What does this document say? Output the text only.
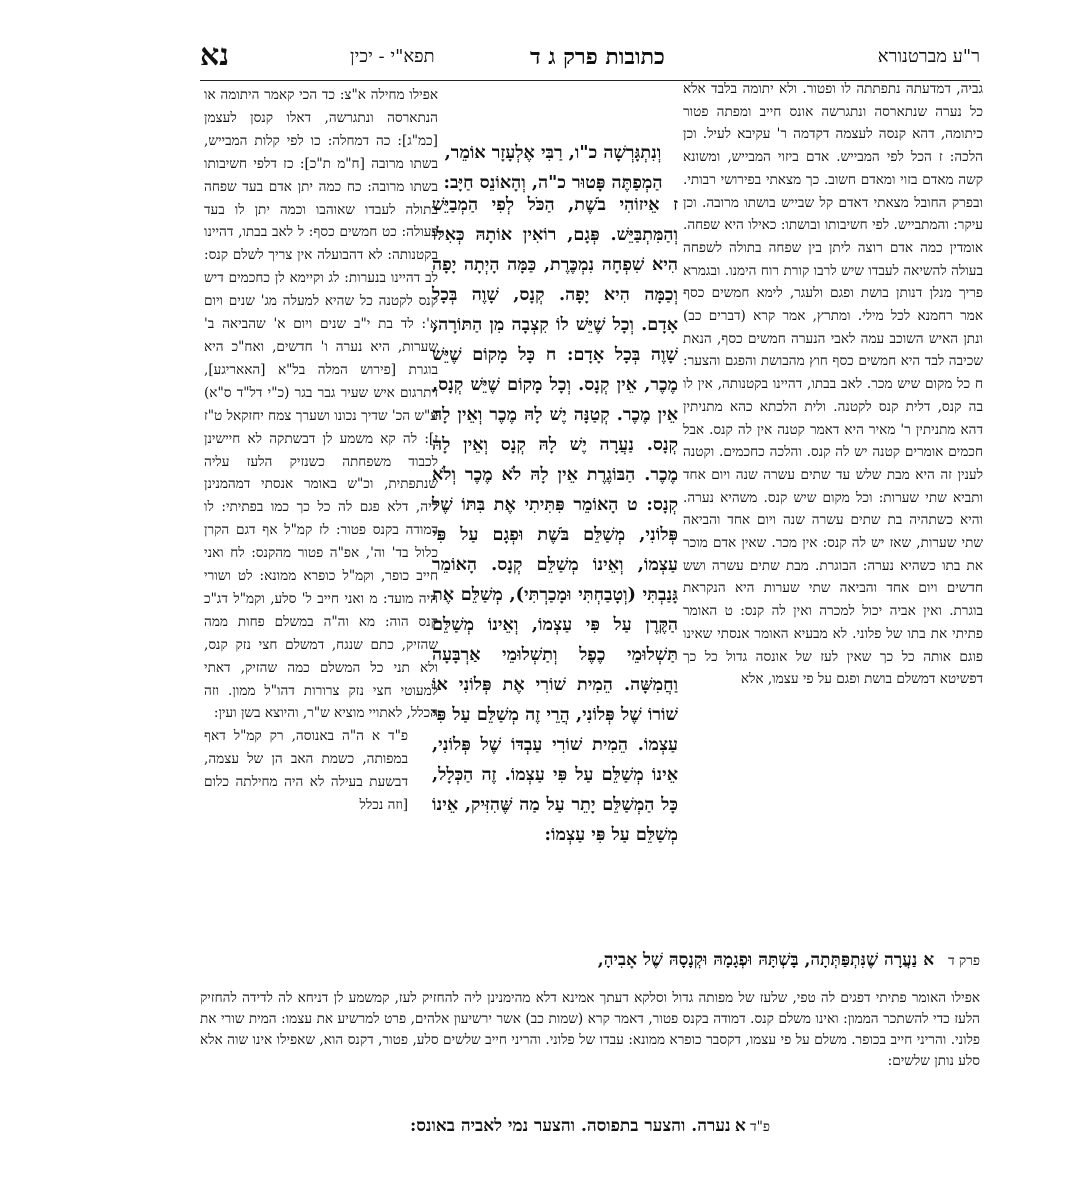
נא	תפא"י - יכין	כתובות פרק ג ד	ר"ע מברטנורא

גביה, דמדעתה נתפתתה לו ופטור. ולא יתומה בלבד אלא כל נערה שנתארסה ונתגרשה אונס חייב ומפתה פטור כיתומה, דהא קנסה לעצמה דקדמה ר' עקיבא לעיל. וכן הלכה: ז הכל לפי המבייש. אדם ביזוי המבייש, ומשונא קשה מאדם בזוי ומאדם חשוב. כך מצאתי בפירושי רבותי. ובפרק החובל מצאתי דאדם קל שבייש בושתו מרובה. וכן עיקר: והמתבייש. לפי חשיבותו ובושתו: כאילו היא שפחה. אומדין כמה אדם רוצה ליתן בין שפחה בתולה לשפחה בעולה להשיאה לעבדו שיש לרבו קורת רוח הימנו. ובגמרא פריך מנלן דנותן בושת ופגם ולעגר, לימא חמשים כסף אמר רחמנא לכל מילי. ומתרץ, אמר קרא (דברים כב) ונתן האיש השוכב עמה לאבי הנערה חמשים כסף, הנאת שכיבה לבד היא חמשים כסף חוץ מהבושת והפגם והצער: ח כל מקום שיש מכר. לאב בבתו, דהיינו בקטנותה, אין לו בה קנס, דלית קנס לקטנה. ולית הלכתא כהא מתניתין דהא מתניתין ר' מאיר היא דאמר קטנה אין לה קנס. אבל חכמים אומרים קטנה יש לה קנס. והלכה כחכמים. וקטנה לענין זה היא מבת שלש עד שתים עשרה שנה ויום אחד ותביא שתי שערות: וכל מקום שיש קנס. משהיא נערה. והיא כשתהיה בת שתים עשרה שנה ויום אחד והביאה שתי שערות, שאז יש לה קנס: אין מכר. שאין אדם מוכר את בתו כשהיא נערה: הבוגרת. מבת שתים עשרה ושש חדשים ויום אחד והביאה שתי שערות היא הנקראת בוגרת. ואין אביה יכול למכרה ואין לה קנס: ט האומר פתיתי את בתו של פלוני. לא מבעיא האומר אנסתי שאינו פוגם אותה כל כך שאין לעז של אונסה גדול כל כך דפשיטא דמשלם בושת ופגם על פי עצמו, אלא

וְנִתְגָּרְשָׁה כ"ו, רַבִּי אֶלְעָזָר אוֹמֵר, הַמְפַתֶּה פָּטוּר כ"ה, וְהָאוֹנֵס חַיָּב:

ז אֵיזוֹהִי בֹשֶׁת, הַכֹּל לְפִי הַמְבַיֵּשׁ וְהַמִּתְבַּיֵּשׁ. פְּגָם, רוֹאִין אוֹתָהּ כְּאִלּוּ הִיא שִׁפְחָה נִמְכֶּרֶת, כַּמָּה הָיְתָה יָפָה וְכַמָּה הִיא יָפָה. קְנָס, שָׁוֶה בְּכָל אָדָם. וְכָל שֶׁיֵּשׁ לוֹ קִצְבָה מִן הַתּוֹרָה, שָׁוֶה בְּכָל אָדָם: ח כָּל מָקוֹם שֶׁיֵּשׁ מֶכֶר, אֵין קְנָס. וְכָל מָקוֹם שֶׁיֵּשׁ קְנָס, אֵין מֶכֶר. קְטַנָּה יֶשׁ לָהּ מֶכֶר וְאֵין לָהּ קְנָס. נַעֲרָה יֶשׁ לָהּ קְנָס וְאֵין לָהּ מֶכֶר. הַבּוֹגֶרֶת אֵין לָהּ לֹא מֶכֶר וְלֹא קְנָס: ט הָאוֹמֵר פִּתִּיתִי אֶת בִּתּוֹ שֶׁל פְּלוֹנִי, מְשַׁלֵּם בֹּשֶׁת וּפְגָם עַל פִּי עַצְמוֹ, וְאֵינוֹ מְשַׁלֵּם קְנָס. הָאוֹמֵר גָּנַבְתִּי (וְטָבַחְתִּי וּמָכַרְתִּי), מְשַׁלֵּם אֶת הַקֶּרֶן עַל פִּי עַצְמוֹ, וְאֵינוֹ מְשַׁלֵּם תַּשְׁלוּמֵי כֶפֶל וְתַשְׁלוּמֵי אַרְבָּעָה וַחֲמִשָּׁה. הֵמִית שׁוֹרִי אֶת פְּלוֹנִי אוֹ שׁוֹרוֹ שֶׁל פְּלוֹנִי, הֲרֵי זֶה מְשַׁלֵּם עַל פִּי עַצְמוֹ. הֵמִית שׁוֹרִי עַבְדּוֹ שֶׁל פְּלוֹנִי, אֵינוֹ מְשַׁלֵּם עַל פִּי עַצְמוֹ. זֶה הַכְּלָל, כָּל הַמְשַׁלֵּם יָתֵר עַל מַה שֶּׁהִזִּיק, אֵינוֹ מְשַׁלֵּם עַל פִּי עַצְמוֹ:

אפילו מחילה א"צ: כד הכי קאמר היתומה או הנתארסה ונתגרשה, דאלו קנסן לעצמן [כמ"ג]: כה דמחלה: כו לפי קלות המבייש, בשתו מרובה [ח"מ ת"כ]: כז דלפי חשיבותו בשתו מרובה: כח כמה יתן אדם בעד שפחה בתולה לעבדו שאוהבו וכמה יתן לו בעד בעולה: כט חמשים כסף: ל לאב בבתו, דהיינו בקטנותה: לא דהבועלה אין צריך לשלם קנס: לב דהיינו בנערות: לג וקיימא לן כחכמים דיש קנס לקטנה כל שהיא למעלה מג' שנים ויום א': לד בת י"ב שנים ויום א' שהביאה ב' שערות, היא נערה ו' חדשים, ואח"כ היא בוגרת [פירוש המלה בל"א [האאריגע], דתרגום איש שעיר גבר בגר (כ"י דל"ד ס"א) ע"ש הכ' שדיך נכונו ושערך צמח יחזקאל ט"ז ז]: לה קא משמע לן דבשתקה לא חיישינן לכבוד משפחתה כשנזיק הלעז עליה שנתפתית, וכ"ש באומר אנסתי דמהמנינן ליה, דלא פגם לה כל כך כמו בפתיתי: לו דמודה בקנס פטור: לז קמ"ל אף דגם הקרן כלול בד' וה', אפ"ה פטור מהקנס: לח ואני חייב כופר, וקמ"ל כופרא ממונא: לט ושורי היה מועד: מ ואני חייב ל' סלע, וקמ"ל דג"כ קנס הוה: מא וה"ה במשלם פחות ממה שהזיק, כתם שנגח, דמשלם חצי נזק קנס, ולא תני כל המשלם כמה שהזיק, דאתי למעוטי חצי נזק צרורות דהו"ל ממון. וזה הכלל, לאתויי מוציא ש"ר, והיוצא בשן ועין:

פ"ד א ה"ה באנוסה, רק קמ"ל דאף במפותה, כשמת האב הן של עצמה, דבשעת בעילה לא היה מחילתה כלום [וזה נכלל

פרק ד א נַעֲרָה שֶׁנִּתְפַּתְּתָה, בָּשְׁתָּהּ וּפְגָמָהּ וּקְנָסָהּ שֶׁל אָבִיהָ,

אפילו האומר פתיתי דפגים לה טפי, שלעז של מפותה גדול וסלקא דעתך אמינא דלא מהימנינן ליה להחזיק לעז, קמשמע לן דניחא לה לדידה להחזיק הלעז כדי להשתכר הממון: ואינו משלם קנס. דמודה בקנס פטור, דאמר קרא (שמות כב) אשר ירשיעון אלהים, פרט למרשיע את עצמו: המית שורי את פלוני. והריני חייב בכופר. משלם על פי עצמו, דקסבר כופרא ממונא: עבדו של פלוני. והריני חייב שלשים סלע, פטור, דקנס הוא, שאפילו אינו שוה אלא סלע נותן שלשים:

פ"ד א נערה. והצער בתפוסה. והצער נמי לאביה באונס:
